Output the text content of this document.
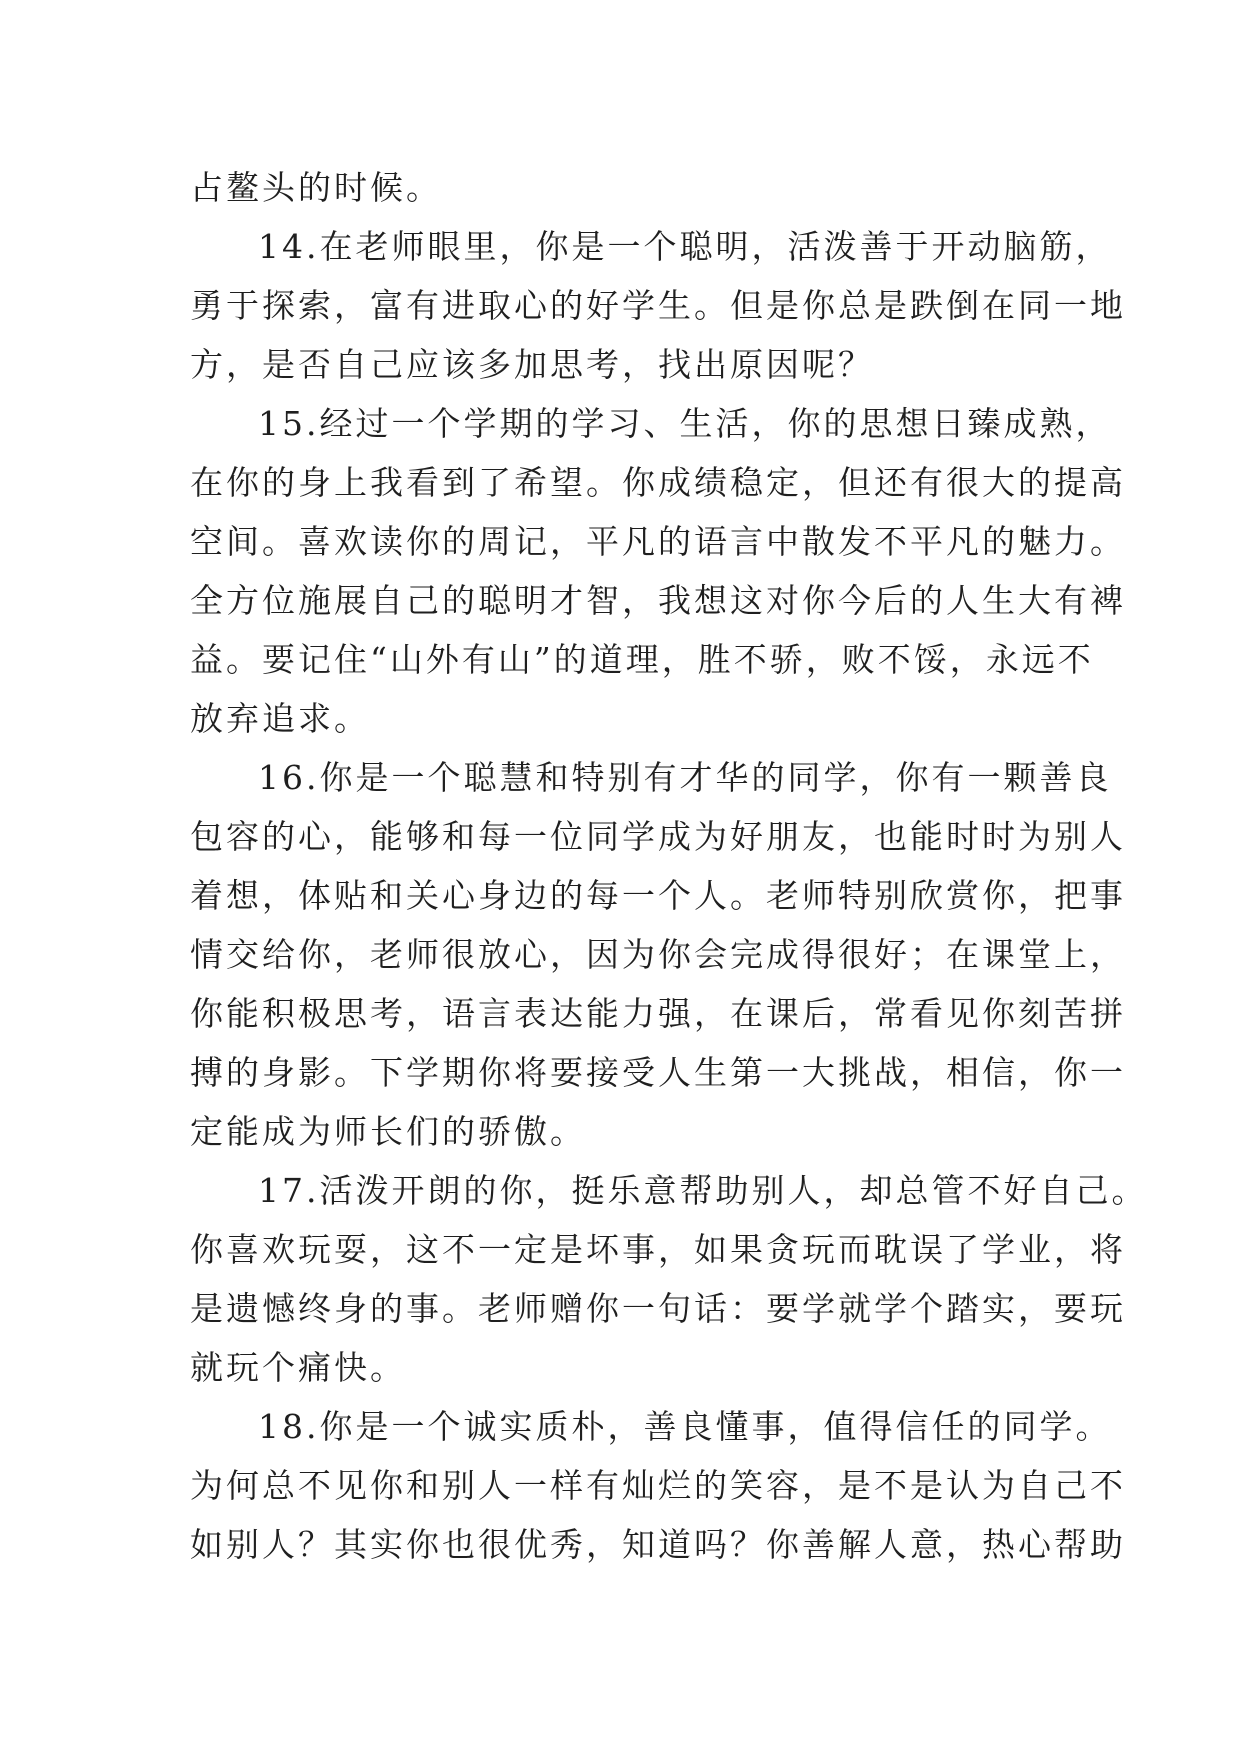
占鳌头的时候。
14.在老师眼里，你是一个聪明，活泼善于开动脑筋，
勇于探索，富有进取心的好学生。但是你总是跌倒在同一地
方，是否自己应该多加思考，找出原因呢？
15.经过一个学期的学习、生活，你的思想日臻成熟，
在你的身上我看到了希望。你成绩稳定，但还有很大的提高
空间。喜欢读你的周记，平凡的语言中散发不平凡的魅力。
全方位施展自己的聪明才智，我想这对你今后的人生大有裨
益。要记住“山外有山”的道理，胜不骄，败不馁，永远不
放弃追求。
16.你是一个聪慧和特别有才华的同学，你有一颗善良
包容的心，能够和每一位同学成为好朋友，也能时时为别人
着想，体贴和关心身边的每一个人。老师特别欣赏你，把事
情交给你，老师很放心，因为你会完成得很好；在课堂上，
你能积极思考，语言表达能力强，在课后，常看见你刻苦拼
搏的身影。下学期你将要接受人生第一大挑战，相信，你一
定能成为师长们的骄傲。
17.活泼开朗的你，挺乐意帮助别人，却总管不好自己。
你喜欢玩耍，这不一定是坏事，如果贪玩而耽误了学业，将
是遗憾终身的事。老师赠你一句话：要学就学个踏实，要玩
就玩个痛快。
18.你是一个诚实质朴，善良懂事，值得信任的同学。
为何总不见你和别人一样有灿烂的笑容，是不是认为自己不
如别人？其实你也很优秀，知道吗？你善解人意，热心帮助
